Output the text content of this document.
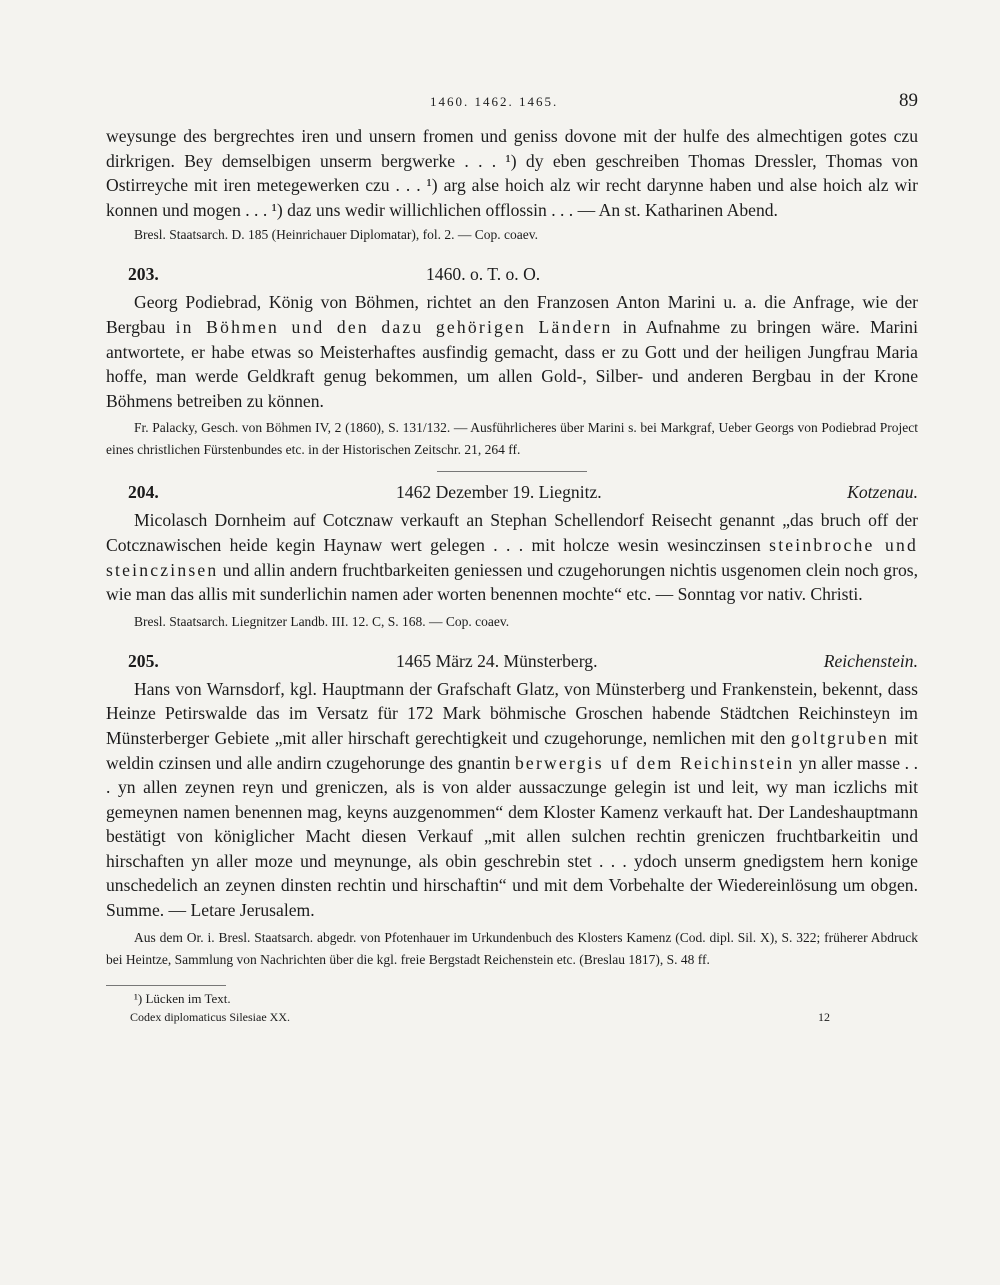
1460. 1462. 1465.	89

weysunge des bergrechtes iren und unsern fromen und geniss dovone mit der hulfe des almechtigen gotes czu dirkrigen. Bey demselbigen unserm bergwerke . . . ¹) dy eben geschreiben Thomas Dressler, Thomas von Ostirreyche mit iren metegewerken czu . . . ¹) arg alse hoich alz wir recht darynne haben und alse hoich alz wir konnen und mogen . . . ¹) daz uns wedir willichlichen offlossin . . . — An st. Katharinen Abend.

Bresl. Staatsarch. D. 185 (Heinrichauer Diplomatar), fol. 2. — Cop. coaev.

203.	1460. o. T. o. O.

Georg Podiebrad, König von Böhmen, richtet an den Franzosen Anton Marini u. a. die Anfrage, wie der Bergbau in Böhmen und den dazu gehörigen Ländern in Aufnahme zu bringen wäre. Marini antwortete, er habe etwas so Meisterhaftes ausfindig gemacht, dass er zu Gott und der heiligen Jungfrau Maria hoffe, man werde Geldkraft genug bekommen, um allen Gold-, Silber- und anderen Bergbau in der Krone Böhmens betreiben zu können.

Fr. Palacky, Gesch. von Böhmen IV, 2 (1860), S. 131/132. — Ausführlicheres über Marini s. bei Markgraf, Ueber Georgs von Podiebrad Project eines christlichen Fürstenbundes etc. in der Historischen Zeitschr. 21, 264 ff.

204.	1462 Dezember 19. Liegnitz.	Kotzenau.

Micolasch Dornheim auf Cotcznaw verkauft an Stephan Schellendorf Reisecht genannt „das bruch off der Cotcznawischen heide kegin Haynaw wert gelegen . . . mit holcze wesin wesinczinsen steinbroche und steinczinsen und allin andern fruchtbarkeiten geniessen und czugehorungen nichtis usgenomen clein noch gros, wie man das allis mit sunderlichin namen ader worten benennen mochte“ etc. — Sonntag vor nativ. Christi.

Bresl. Staatsarch. Liegnitzer Landb. III. 12. C, S. 168. — Cop. coaev.

205.	1465 März 24. Münsterberg.	Reichenstein.

Hans von Warnsdorf, kgl. Hauptmann der Grafschaft Glatz, von Münsterberg und Frankenstein, bekennt, dass Heinze Petirswalde das im Versatz für 172 Mark böhmische Groschen habende Städtchen Reichinsteyn im Münsterberger Gebiete „mit aller hirschaft gerechtigkeit und czugehorunge, nemlichen mit den goltgruben mit weldin czinsen und alle andirn czugehorunge des gnantin berwergis uf dem Reichinstein yn aller masse . . . yn allen zeynen reyn und greniczen, als is von alder aussaczunge gelegin ist und leit, wy man iczlichs mit gemeynen namen benennen mag, keyns auzgenommen“ dem Kloster Kamenz verkauft hat. Der Landeshauptmann bestätigt von königlicher Macht diesen Verkauf „mit allen sulchen rechtin greniczen fruchtbarkeitin und hirschaften yn aller moze und meynunge, als obin geschrebin stet . . . ydoch unserm gnedigstem hern konige unschedelich an zeynen dinsten rechtin und hirschaftin“ und mit dem Vorbehalte der Wiedereinlösung um obgen. Summe. — Letare Jerusalem.

Aus dem Or. i. Bresl. Staatsarch. abgedr. von Pfotenhauer im Urkundenbuch des Klosters Kamenz (Cod. dipl. Sil. X), S. 322; früherer Abdruck bei Heintze, Sammlung von Nachrichten über die kgl. freie Bergstadt Reichenstein etc. (Breslau 1817), S. 48 ff.

¹) Lücken im Text.
Codex diplomaticus Silesiae XX.	12
